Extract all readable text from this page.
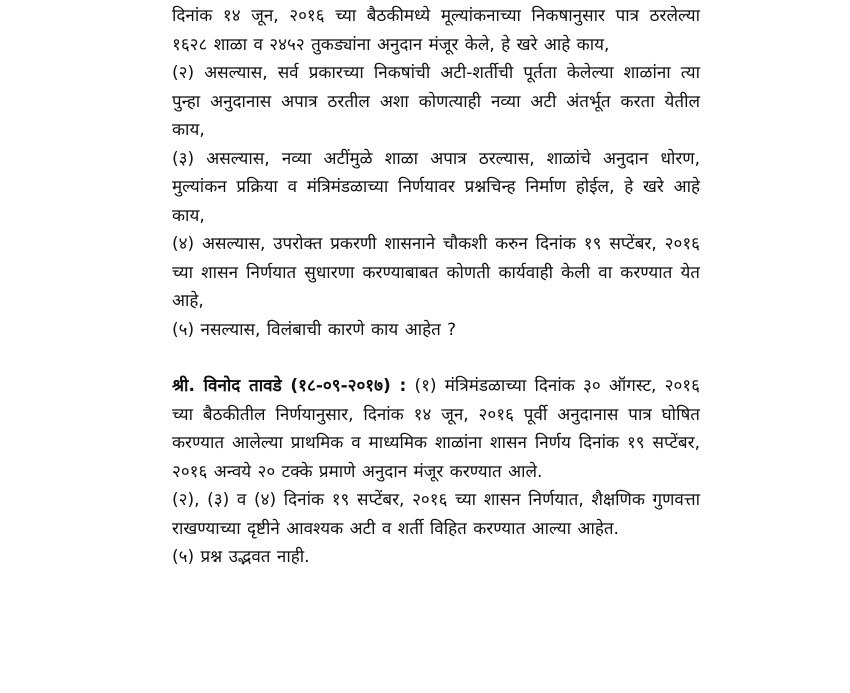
दिनांक १४ जून, २०१६ च्या बैठकीमध्ये मूल्यांकनाच्या निकषानुसार पात्र ठरलेल्या १६२८ शाळा व २४५२ तुकड्यांना अनुदान मंजूर केले, हे खरे आहे काय,

(२) असल्यास, सर्व प्रकारच्या निकषांची अटी-शर्तीची पूर्तता केलेल्या शाळांना त्या पुन्हा अनुदानास अपात्र ठरतील अशा कोणत्याही नव्या अटी अंतर्भूत करता येतील काय,

(३) असल्यास, नव्या अटींमुळे शाळा अपात्र ठरल्यास, शाळांचे अनुदान धोरण, मुल्यांकन प्रक्रिया व मंत्रिमंडळाच्या निर्णयावर प्रश्नचिन्ह निर्माण होईल, हे खरे आहे काय,

(४) असल्यास, उपरोक्त प्रकरणी शासनाने चौकशी करुन दिनांक १९ सप्टेंबर, २०१६ च्या शासन निर्णयात सुधारणा करण्याबाबत कोणती कार्यवाही केली वा करण्यात येत आहे,

(५) नसल्यास, विलंबाची कारणे काय आहेत ?

श्री. विनोद तावडे (१८-०९-२०१७) : (१) मंत्रिमंडळाच्या दिनांक ३० ऑगस्ट, २०१६ च्या बैठकीतील निर्णयानुसार, दिनांक १४ जून, २०१६ पूर्वी अनुदानास पात्र घोषित करण्यात आलेल्या प्राथमिक व माध्यमिक शाळांना शासन निर्णय दिनांक १९ सप्टेंबर, २०१६ अन्वये २० टक्के प्रमाणे अनुदान मंजूर करण्यात आले.

(२), (३) व (४) दिनांक १९ सप्टेंबर, २०१६ च्या शासन निर्णयात, शैक्षणिक गुणवत्ता राखण्याच्या दृष्टीने आवश्यक अटी व शर्ती विहित करण्यात आल्या आहेत.

(५) प्रश्न उद्भवत नाही.
